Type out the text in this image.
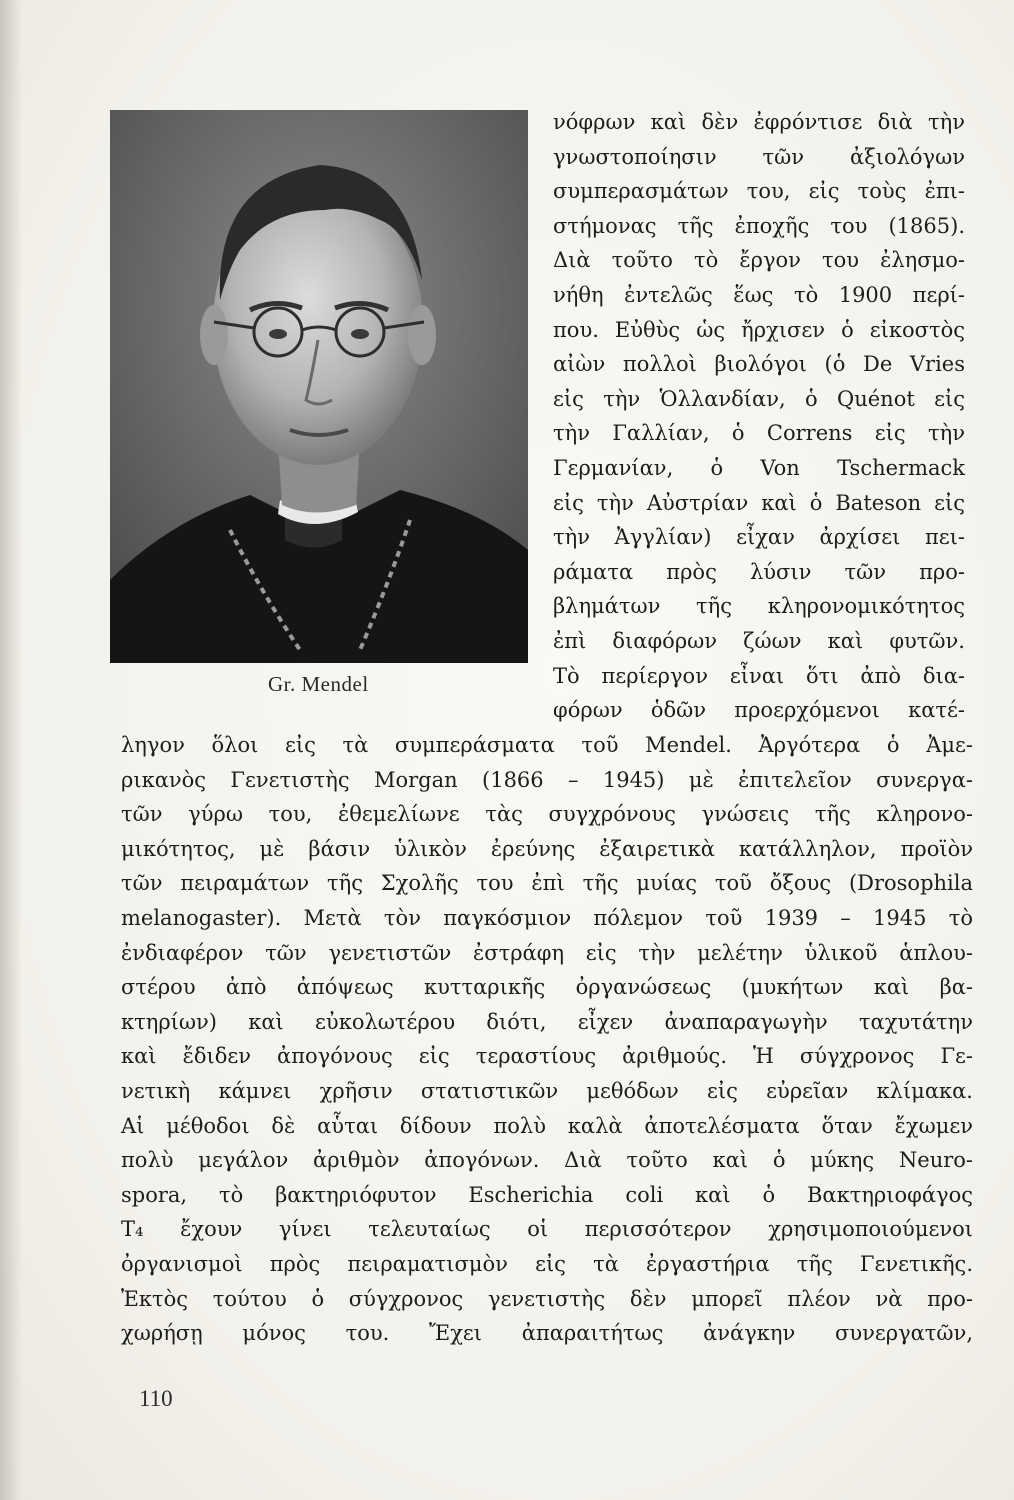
Gr. Mendel
νόφρων καὶ δὲν ἐφρόντισε διὰ τὴν
γνωστοποίησιν τῶν ἀξιολόγων
συμπερασμάτων του, εἰς τοὺς ἐπι-
στήμονας τῆς ἐποχῆς του (1865).
Διὰ τοῦτο τὸ ἔργον του ἐλησμο-
νήθη ἐντελῶς ἕως τὸ 1900 περί-
που. Εὐθὺς ὡς ἤρχισεν ὁ εἰκοστὸς
αἰὼν πολλοὶ βιολόγοι (ὁ De Vries
εἰς τὴν Ὁλλανδίαν, ὁ Quénot εἰς
τὴν Γαλλίαν, ὁ Correns εἰς τὴν
Γερμανίαν, ὁ Von Tschermack
εἰς τὴν Αὐστρίαν καὶ ὁ Bateson εἰς
τὴν Ἀγγλίαν) εἶχαν ἀρχίσει πει-
ράματα πρὸς λύσιν τῶν προ-
βλημάτων τῆς κληρονομικότητος
ἐπὶ διαφόρων ζώων καὶ φυτῶν.
Τὸ περίεργον εἶναι ὅτι ἀπὸ δια-
φόρων ὁδῶν προερχόμενοι κατέ-
ληγον ὅλοι εἰς τὰ συμπεράσματα τοῦ Mendel. Ἀργότερα ὁ Ἀμε-
ρικανὸς Γενετιστὴς Morgan (1866 – 1945) μὲ ἐπιτελεῖον συνεργα-
τῶν γύρω του, ἐθεμελίωνε τὰς συγχρόνους γνώσεις τῆς κληρονο-
μικότητος, μὲ βάσιν ὑλικὸν ἐρεύνης ἐξαιρετικὰ κατάλληλον, προϊὸν
τῶν πειραμάτων τῆς Σχολῆς του ἐπὶ τῆς μυίας τοῦ ὄξους (Drosophila
melanogaster). Μετὰ τὸν παγκόσμιον πόλεμον τοῦ 1939 – 1945 τὸ
ἐνδιαφέρον τῶν γενετιστῶν ἐστράφη εἰς τὴν μελέτην ὑλικοῦ ἁπλου-
στέρου ἀπὸ ἀπόψεως κυτταρικῆς ὀργανώσεως (μυκήτων καὶ βα-
κτηρίων) καὶ εὐκολωτέρου διότι, εἶχεν ἀναπαραγωγὴν ταχυτάτην
καὶ ἔδιδεν ἀπογόνους εἰς τεραστίους ἀριθμούς. Ἡ σύγχρονος Γε-
νετικὴ κάμνει χρῆσιν στατιστικῶν μεθόδων εἰς εὐρεῖαν κλίμακα.
Αἱ μέθοδοι δὲ αὗται δίδουν πολὺ καλὰ ἀποτελέσματα ὅταν ἔχωμεν
πολὺ μεγάλον ἀριθμὸν ἀπογόνων. Διὰ τοῦτο καὶ ὁ μύκης Neuro-
spora, τὸ βακτηριόφυτον Escherichia coli καὶ ὁ Βακτηριοφάγος
T₄ ἔχουν γίνει τελευταίως οἱ περισσότερον χρησιμοποιούμενοι
ὀργανισμοὶ πρὸς πειραματισμὸν εἰς τὰ ἐργαστήρια τῆς Γενετικῆς.
Ἐκτὸς τούτου ὁ σύγχρονος γενετιστὴς δὲν μπορεῖ πλέον νὰ προ-
χωρήσῃ μόνος του. Ἔχει ἀπαραιτήτως ἀνάγκην συνεργατῶν,
110
